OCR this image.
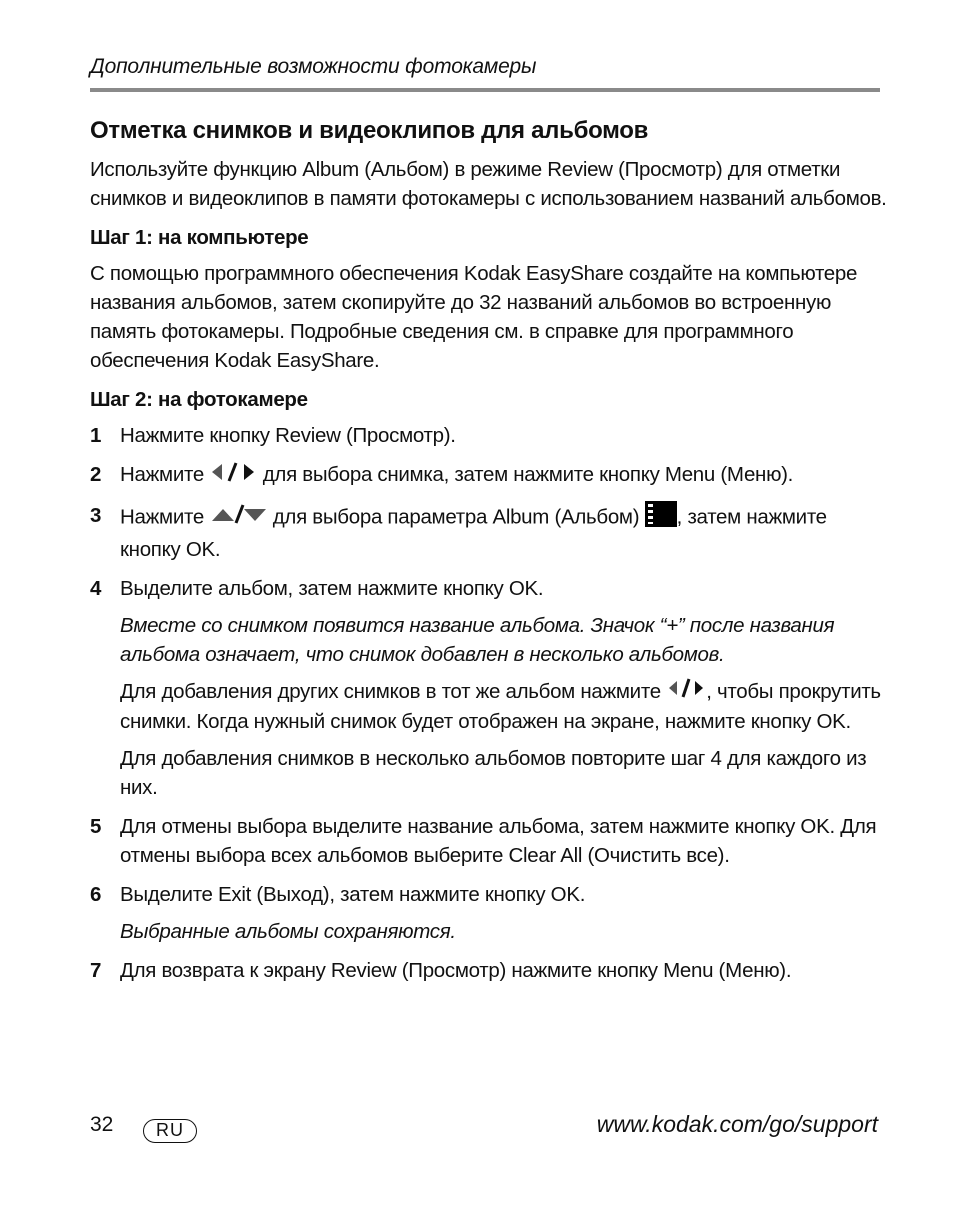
Дополнительные возможности фотокамеры
Отметка снимков и видеоклипов для альбомов

Используйте функцию Album (Альбом) в режиме Review (Просмотр) для отметки снимков и видеоклипов в памяти фотокамеры с использованием названий альбомов.

Шаг 1: на компьютере

С помощью программного обеспечения Kodak EasyShare создайте на компьютере названия альбомов, затем скопируйте до 32 названий альбомов во встроенную память фотокамеры. Подробные сведения см. в справке для программного обеспечения Kodak EasyShare.

Шаг 2: на фотокамере
1 Нажмите кнопку Review (Просмотр).

2 Нажмите	для выбора снимка, затем нажмите кнопку Menu (Меню).

3 Нажмите	для выбора параметра Album (Альбом) , затем нажмите кнопку OK.

4 Выделите альбом, затем нажмите кнопку OK.

Вместе со снимком появится название альбома. Значок “+” после названия альбома означает, что снимок добавлен в несколько альбомов.

Для добавления других снимков в тот же альбом нажмите , чтобы прокрутить снимки. Когда нужный снимок будет отображен на экране, нажмите кнопку OK.

Для добавления снимков в несколько альбомов повторите шаг 4 для каждого из них.

5 Для отмены выбора выделите название альбома, затем нажмите кнопку OK. Для отмены выбора всех альбомов выберите Clear All (Очистить все).

6 Выделите Exit (Выход), затем нажмите кнопку OK.

Выбранные альбомы сохраняются.

7 Для возврата к экрану Review (Просмотр) нажмите кнопку Menu (Меню).

32	RU	www.kodak.com/go/support
